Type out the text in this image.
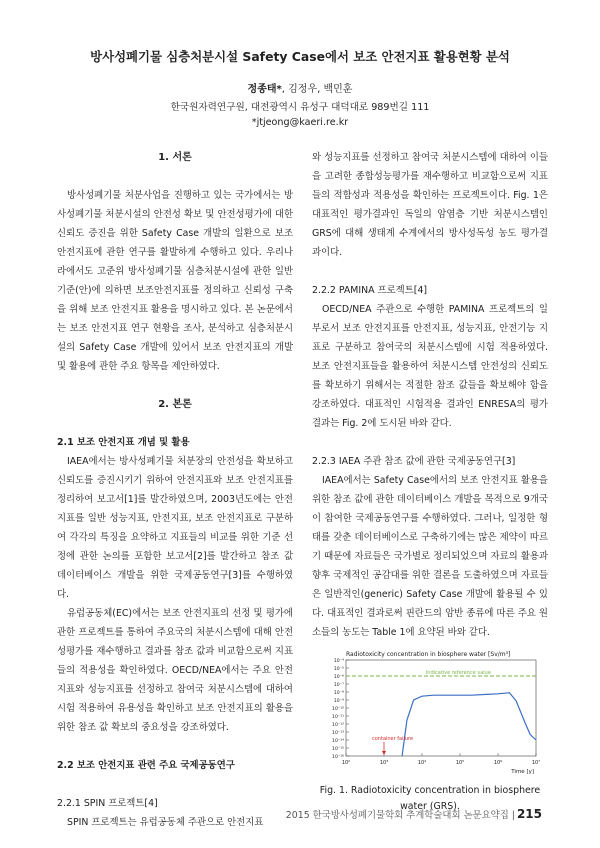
방사성폐기물 심층처분시설 Safety Case에서 보조 안전지표 활용현황 분석
정종태*, 김정우, 백민훈
한국원자력연구원, 대전광역시 유성구 대덕대로 989번길 111
*jtjeong@kaeri.re.kr

1. 서론

방사성폐기물 처분사업을 진행하고 있는 국가에서는 방사성폐기물 처분시설의 안전성 확보 및 안전성평가에 대한 신뢰도 증진을 위한 Safety Case 개발의 일환으로 보조 안전지표에 관한 연구를 활발하게 수행하고 있다. 우리나라에서도 고준위 방사성폐기물 심층처분시설에 관한 일반기준(안)에 의하면 보조안전지표를 정의하고 신뢰성 구축을 위해 보조 안전지표 활용을 명시하고 있다. 본 논문에서는 보조 안전지표 연구 현황을 조사, 분석하고 심층처분시설의 Safety Case 개발에 있어서 보조 안전지표의 개발 및 활용에 관한 주요 항목을 제안하였다.

2. 본론

2.1 보조 안전지표 개념 및 활용

IAEA에서는 방사성폐기물 처분장의 안전성을 확보하고 신뢰도를 증진시키기 위하여 안전지표와 보조 안전지표를 정리하여 보고서[1]를 발간하였으며, 2003년도에는 안전지표를 일반 성능지표, 안전지표, 보조 안전지표로 구분하여 각각의 특징을 요약하고 지표들의 비교를 위한 기준 선정에 관한 논의를 포함한 보고서[2]를 발간하고 참조 값 데이터베이스 개발을 위한 국제공동연구[3]를 수행하였다.

유럽공동체(EC)에서는 보조 안전지표의 선정 및 평가에 관한 프로젝트를 통하여 주요국의 처분시스템에 대해 안전성평가를 재수행하고 결과를 참조 값과 비교함으로써 지표들의 적용성을 확인하였다. OECD/NEA에서는 주요 안전지표와 성능지표를 선정하고 참여국 처분시스템에 대하여 시험 적용하여 유용성을 확인하고 보조 안전지표의 활용을 위한 참조 값 확보의 중요성을 강조하였다.

2.2 보조 안전지표 관련 주요 국제공동연구

2.2.1 SPIN 프로젝트[4]

SPIN 프로젝트는 유럽공동체 주관으로 안전지표

와 성능지표를 선정하고 참여국 처분시스템에 대하여 이들을 고려한 종합성능평가를 재수행하고 비교함으로써 지표들의 적합성과 적용성을 확인하는 프로젝트이다. Fig. 1은 대표적인 평가결과인 독일의 암염층 기반 처분시스템인 GRS에 대해 생태계 수계에서의 방사성독성 농도 평가결과이다.

2.2.2 PAMINA 프로젝트[4]

OECD/NEA 주관으로 수행한 PAMINA 프로젝트의 일부로서 보조 안전지표를 안전지표, 성능지표, 안전기능 지표로 구분하고 참여국의 처분시스템에 시험 적용하였다. 보조 안전지표들을 활용하여 처분시스템 안전성의 신뢰도를 확보하기 위해서는 적절한 참조 값들을 확보해야 함을 강조하였다. 대표적인 시험적용 결과인 ENRESA의 평가 결과는 Fig. 2에 도시된 바와 같다.

2.2.3 IAEA 주관 참조 값에 관한 국제공동연구[3]

IAEA에서는 Safety Case에서의 보조 안전지표 활용을 위한 참조 값에 관한 데이터베이스 개발을 목적으로 9개국이 참여한 국제공동연구를 수행하였다. 그러나, 일정한 형태를 갖춘 데이터베이스로 구축하기에는 많은 제약이 따르기 때문에 자료들은 국가별로 정리되었으며 자료의 활용과 향후 국제적인 공감대를 위한 결론을 도출하였으며 자료들은 일반적인(generic) Safety Case 개발에 활용될 수 있다. 대표적인 결과로써 핀란드의 암반 종류에 따른 주요 원소들의 농도는 Table 1에 요약된 바와 같다.

Radiotoxicity concentration in biosphere water [Sv/m³]
10⁻⁴
10⁻⁵
10⁻⁶
10⁻⁷
10⁻⁸
10⁻⁹
10⁻¹⁰
10⁻¹¹
10⁻¹²
10⁻¹³
10⁻¹⁴
10⁻¹⁵
10⁻¹⁶
10²	10³	10⁴	10⁵	10⁶	10⁷
Time [y]
Indicative reference value
container failure
Fig. 1. Radiotoxicity concentration in biosphere water (GRS).
2015 한국방사성폐기물학회 추계학술대회 논문요약집 | 215
